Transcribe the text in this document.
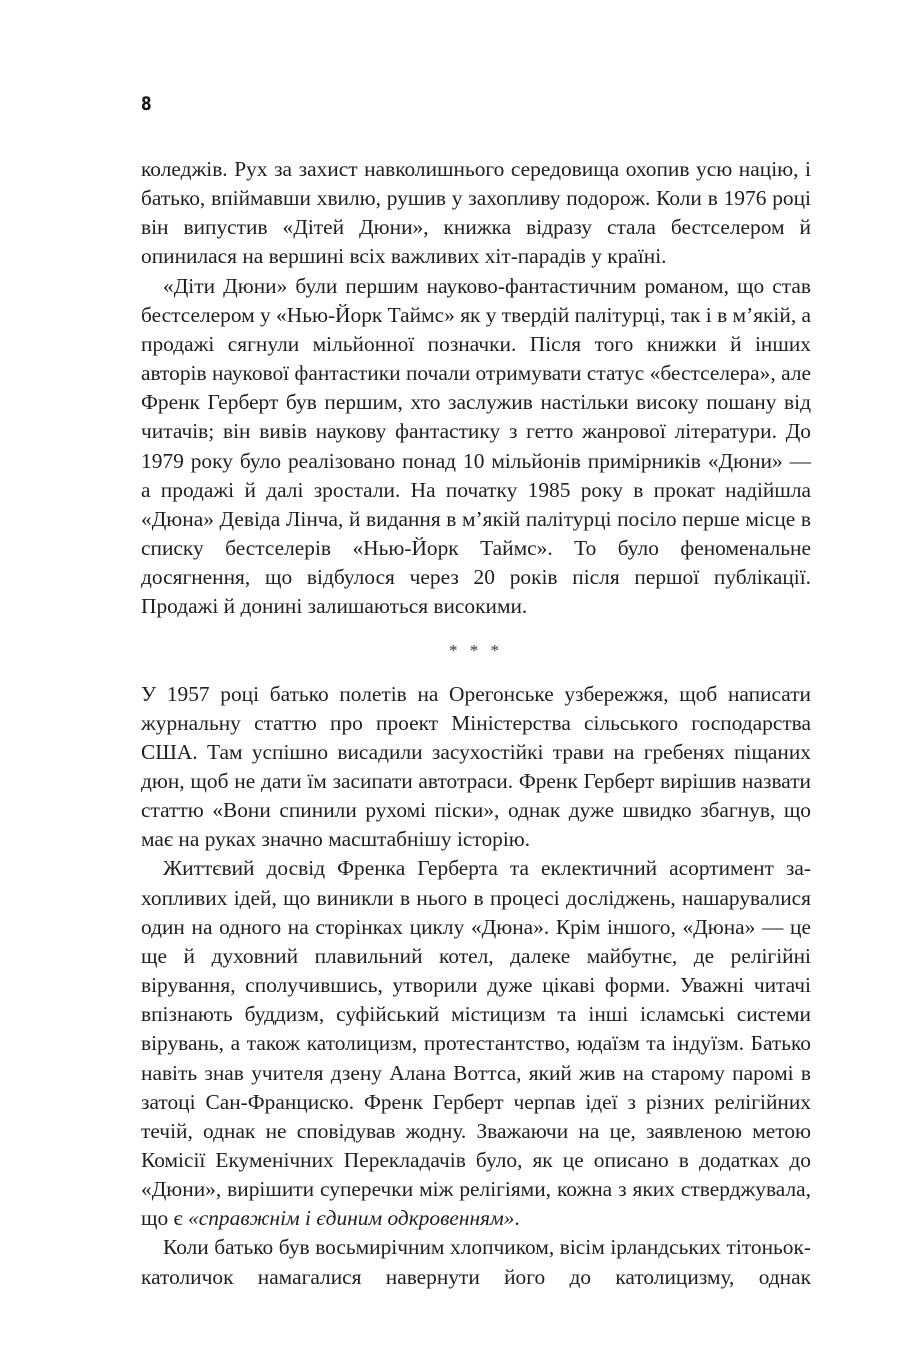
8

коледжів. Рух за захист навколишнього середовища охопив усю націю, і батько, впіймавши хвилю, рушив у захопливу подорож. Коли в 1976 році він випустив «Дітей Дюни», книжка відразу стала бестселером й опинилася на вершині всіх важливих хіт-парадів у країні.

«Діти Дюни» були першим науково-фантастичним романом, що став бестселером у «Нью-Йорк Таймс» як у твердій палітурці, так і в м’якій, а продажі сягнули мільйонної позначки. Після того книжки й інших авторів наукової фантастики почали отримувати статус «бестселера», але Френк Герберт був першим, хто заслужив настільки високу пошану від читачів; він вивів наукову фантастику з гетто жанрової літератури. До 1979 року було реалізовано понад 10 мільйонів примірників «Дюни» — а продажі й далі зростали. На початку 1985 року в прокат надійшла «Дюна» Девіда Лінча, й видання в м’якій палітурці посіло перше місце в списку бестселерів «Нью-Йорк Таймс». То було феноменальне досягнення, що відбулося через 20 років після першої публікації. Продажі й донині залишаються високими.

* * *

У 1957 році батько полетів на Орегонське узбережжя, щоб написати журнальну статтю про проект Міністерства сільського господарства США. Там успішно висадили засухостійкі трави на гребенях піщаних дюн, щоб не дати їм засипати автотраси. Френк Герберт вирішив назвати статтю «Вони спинили рухомі піски», однак дуже швидко збагнув, що має на руках значно масштабнішу історію.

Життєвий досвід Френка Герберта та еклектичний асортимент захопливих ідей, що виникли в нього в процесі досліджень, нашарувалися один на одного на сторінках циклу «Дюна». Крім іншого, «Дюна» — це ще й духовний плавильний котел, далеке майбутнє, де релігійні вірування, сполучившись, утворили дуже цікаві форми. Уважні читачі впізнають буддизм, суфійський містицизм та інші ісламські системи вірувань, а також католицизм, протестантство, юдаїзм та індуїзм. Батько навіть знав учителя дзену Алана Воттса, який жив на старому паромі в затоці Сан-Франциско. Френк Герберт черпав ідеї з різних релігійних течій, однак не сповідував жодну. Зважаючи на це, заявленою метою Комісії Екуменічних Перекладачів було, як це описано в додатках до «Дюни», вирішити суперечки між релігіями, кожна з яких стверджувала, що є «справжнім і єдиним одкровенням».

Коли батько був восьмирічним хлопчиком, вісім ірландських тітоньок-католичок намагалися навернути його до католицизму, однак
